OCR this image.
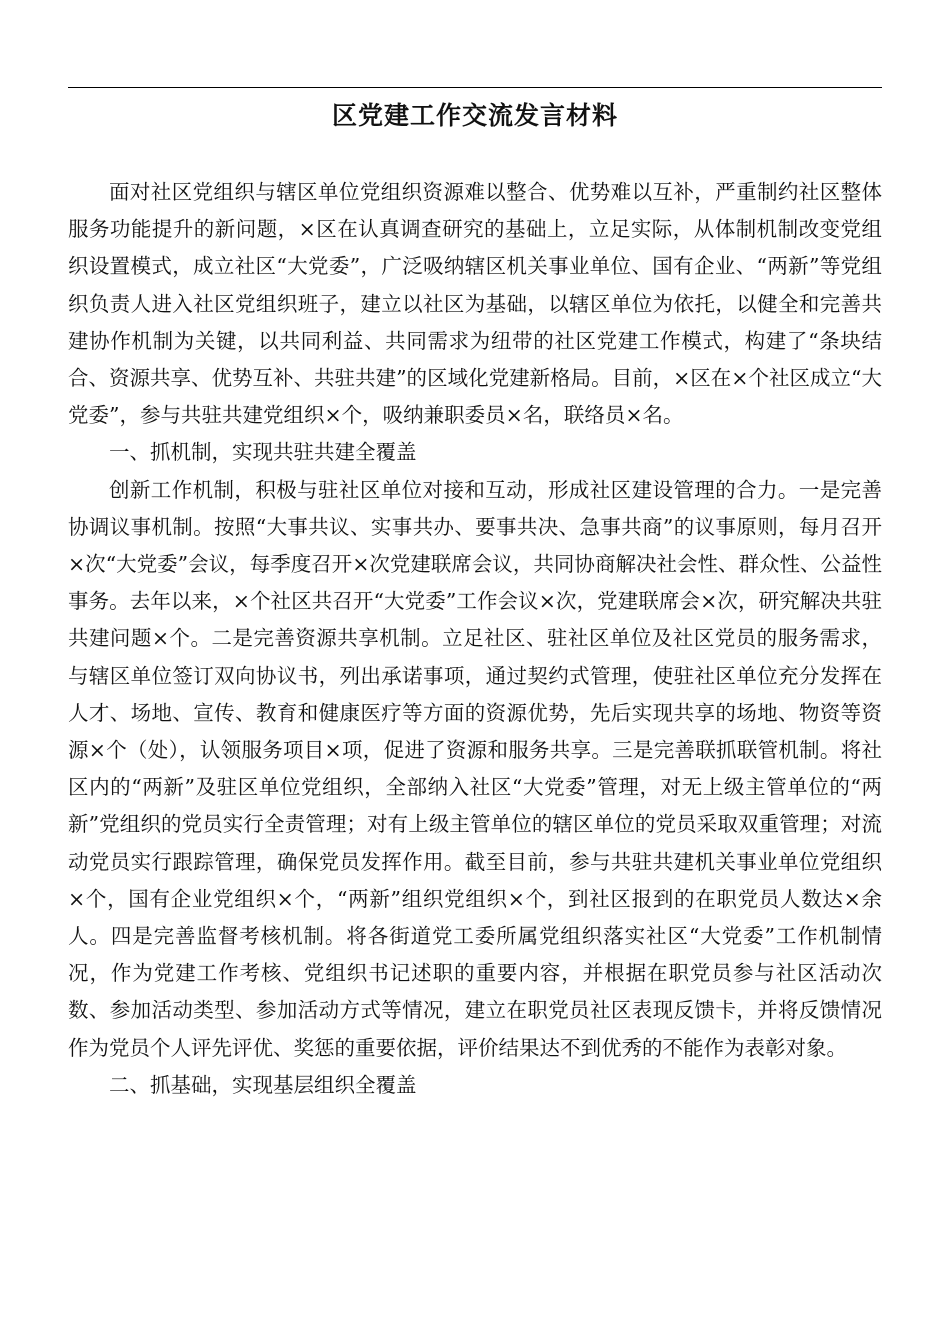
区党建工作交流发言材料

面对社区党组织与辖区单位党组织资源难以整合、优势难以互补，严重制约社区整体服务功能提升的新问题，×区在认真调查研究的基础上，立足实际，从体制机制改变党组织设置模式，成立社区“大党委”，广泛吸纳辖区机关事业单位、国有企业、“两新”等党组织负责人进入社区党组织班子，建立以社区为基础，以辖区单位为依托，以健全和完善共建协作机制为关键，以共同利益、共同需求为纽带的社区党建工作模式，构建了“条块结合、资源共享、优势互补、共驻共建”的区域化党建新格局。目前，×区在×个社区成立“大党委”，参与共驻共建党组织×个，吸纳兼职委员×名，联络员×名。

一、抓机制，实现共驻共建全覆盖

创新工作机制，积极与驻社区单位对接和互动，形成社区建设管理的合力。一是完善协调议事机制。按照“大事共议、实事共办、要事共决、急事共商”的议事原则，每月召开×次“大党委”会议，每季度召开×次党建联席会议，共同协商解决社会性、群众性、公益性事务。去年以来，×个社区共召开“大党委”工作会议×次，党建联席会×次，研究解决共驻共建问题×个。二是完善资源共享机制。立足社区、驻社区单位及社区党员的服务需求，与辖区单位签订双向协议书，列出承诺事项，通过契约式管理，使驻社区单位充分发挥在人才、场地、宣传、教育和健康医疗等方面的资源优势，先后实现共享的场地、物资等资源×个（处），认领服务项目×项，促进了资源和服务共享。三是完善联抓联管机制。将社区内的“两新”及驻区单位党组织，全部纳入社区“大党委”管理，对无上级主管单位的“两新”党组织的党员实行全责管理；对有上级主管单位的辖区单位的党员采取双重管理；对流动党员实行跟踪管理，确保党员发挥作用。截至目前，参与共驻共建机关事业单位党组织×个，国有企业党组织×个，“两新”组织党组织×个，到社区报到的在职党员人数达×余人。四是完善监督考核机制。将各街道党工委所属党组织落实社区“大党委”工作机制情况，作为党建工作考核、党组织书记述职的重要内容，并根据在职党员参与社区活动次数、参加活动类型、参加活动方式等情况，建立在职党员社区表现反馈卡，并将反馈情况作为党员个人评先评优、奖惩的重要依据，评价结果达不到优秀的不能作为表彰对象。

二、抓基础，实现基层组织全覆盖
